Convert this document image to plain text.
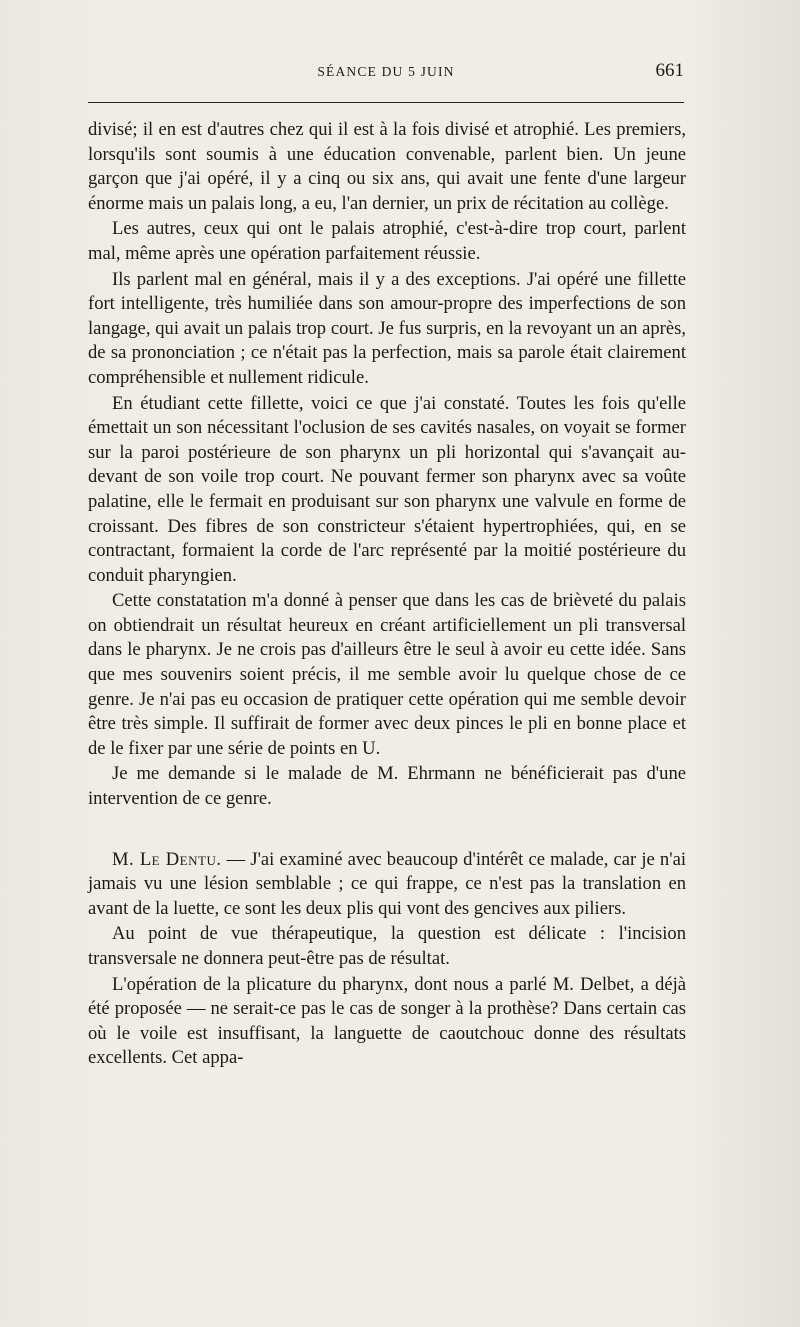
SÉANCE DU 5 JUIN	661

divisé; il en est d'autres chez qui il est à la fois divisé et atrophié. Les premiers, lorsqu'ils sont soumis à une éducation convenable, parlent bien. Un jeune garçon que j'ai opéré, il y a cinq ou six ans, qui avait une fente d'une largeur énorme mais un palais long, a eu, l'an dernier, un prix de récitation au collège.

Les autres, ceux qui ont le palais atrophié, c'est-à-dire trop court, parlent mal, même après une opération parfaitement réussie.

Ils parlent mal en général, mais il y a des exceptions. J'ai opéré une fillette fort intelligente, très humiliée dans son amour-propre des imperfections de son langage, qui avait un palais trop court. Je fus surpris, en la revoyant un an après, de sa prononciation ; ce n'était pas la perfection, mais sa parole était clairement compréhensible et nullement ridicule.

En étudiant cette fillette, voici ce que j'ai constaté. Toutes les fois qu'elle émettait un son nécessitant l'oclusion de ses cavités nasales, on voyait se former sur la paroi postérieure de son pharynx un pli horizontal qui s'avançait au-devant de son voile trop court. Ne pouvant fermer son pharynx avec sa voûte palatine, elle le fermait en produisant sur son pharynx une valvule en forme de croissant. Des fibres de son constricteur s'étaient hypertrophiées, qui, en se contractant, formaient la corde de l'arc représenté par la moitié postérieure du conduit pharyngien.

Cette constatation m'a donné à penser que dans les cas de brièveté du palais on obtiendrait un résultat heureux en créant artificiellement un pli transversal dans le pharynx. Je ne crois pas d'ailleurs être le seul à avoir eu cette idée. Sans que mes souvenirs soient précis, il me semble avoir lu quelque chose de ce genre. Je n'ai pas eu occasion de pratiquer cette opération qui me semble devoir être très simple. Il suffirait de former avec deux pinces le pli en bonne place et de le fixer par une série de points en U.

Je me demande si le malade de M. Ehrmann ne bénéficierait pas d'une intervention de ce genre.

M. Le Dentu. — J'ai examiné avec beaucoup d'intérêt ce malade, car je n'ai jamais vu une lésion semblable ; ce qui frappe, ce n'est pas la translation en avant de la luette, ce sont les deux plis qui vont des gencives aux piliers.

Au point de vue thérapeutique, la question est délicate : l'incision transversale ne donnera peut-être pas de résultat.

L'opération de la plicature du pharynx, dont nous a parlé M. Delbet, a déjà été proposée — ne serait-ce pas le cas de songer à la prothèse? Dans certain cas où le voile est insuffisant, la languette de caoutchouc donne des résultats excellents. Cet appa-
